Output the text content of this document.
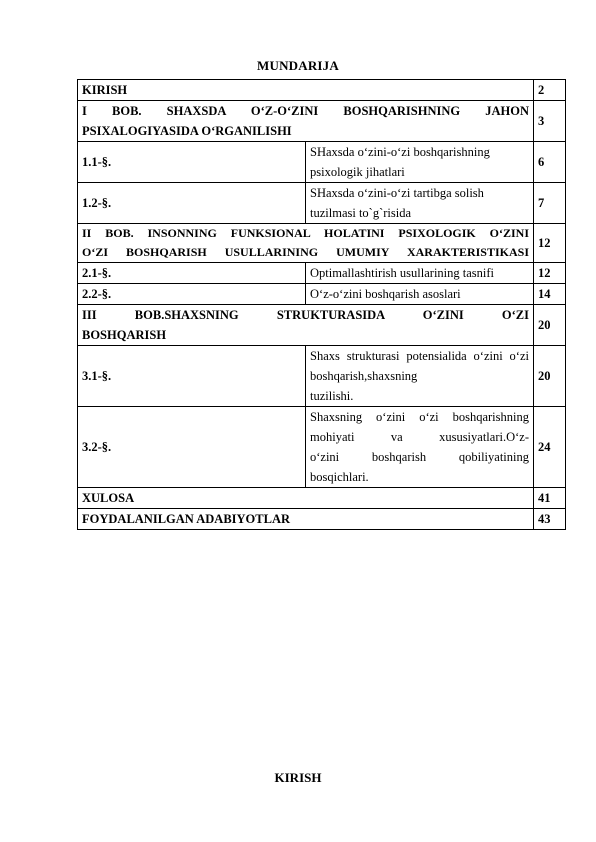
MUNDARIJA
KIRISH		2

I BOB. SHAXSDA O‘Z-O‘ZINI BOSHQARISHNING JAHON
PSIXALOGIYASIDA O‘RGANILISHI		3
1.1-§.	SHaxsda o‘zini-o‘zi boshqarishning psixologik jihatlari	6
1.2-§.	SHaxsda o‘zini-o‘zi tartibga solish tuzilmasi to`g`risida	7

II BOB. INSONNING FUNKSIONAL HOLATINI PSIXOLOGIK O‘ZINI
O‘ZI BOSHQARISH USULLARINING UMUMIY XARAKTERISTIKASI		12
2.1-§.	Optimallashtirish usullarining tasnifi	12
2.2-§.	O‘z-o‘zini boshqarish asoslari	14

III BOB.SHAXSNING STRUKTURASIDA O‘ZINI O‘ZI
BOSHQARISH		20
3.1-§.	Shaxs strukturasi potensialida o‘zini o‘zi boshqarish,shaxsning
tuzilishi.	20
3.2-§.	Shaxsning o‘zini o‘zi boshqarishning mohiyati va xususiyatlari.O‘z-
o‘zini boshqarish qobiliyatining bosqichlari.	24
XULOSA		41
FOYDALANILGAN ADABIYOTLAR		43
KIRISH
